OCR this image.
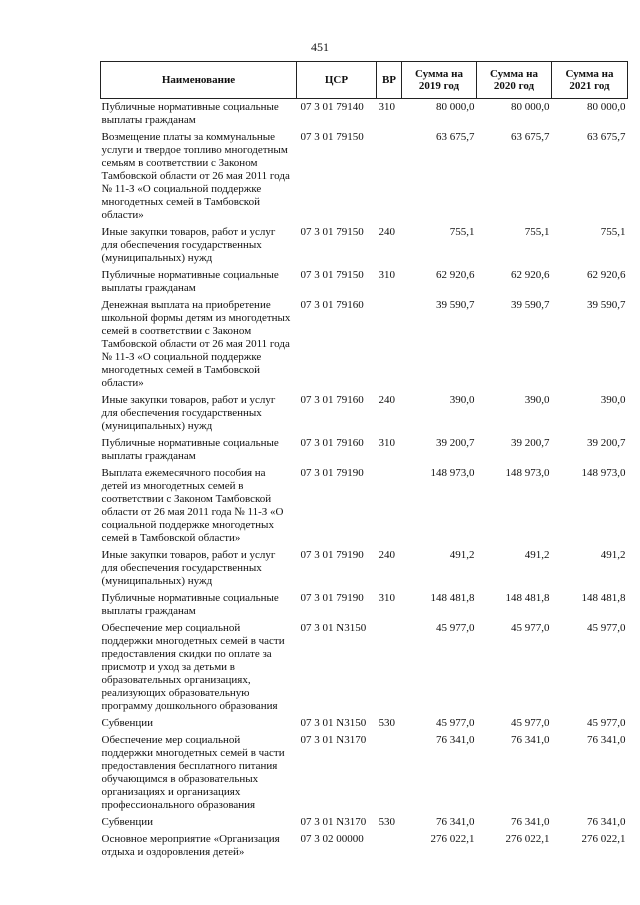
451
Наименование	ЦСР	ВР	Сумма на 2019 год	Сумма на 2020 год	Сумма на 2021 год
Публичные нормативные социальные выплаты гражданам	07 3 01 79140	310	80 000,0	80 000,0	80 000,0
Возмещение платы за коммунальные услуги и твердое топливо многодетным семьям в соответствии с Законом Тамбовской области от 26 мая 2011 года № 11-З «О социальной поддержке многодетных семей в Тамбовской области»	07 3 01 79150		63 675,7	63 675,7	63 675,7
Иные закупки товаров, работ и услуг для обеспечения государственных (муниципальных) нужд	07 3 01 79150	240	755,1	755,1	755,1
Публичные нормативные социальные выплаты гражданам	07 3 01 79150	310	62 920,6	62 920,6	62 920,6
Денежная выплата на приобретение школьной формы детям из многодетных семей в соответствии с Законом Тамбовской области от 26 мая 2011 года № 11-З «О социальной поддержке многодетных семей в Тамбовской области»	07 3 01 79160		39 590,7	39 590,7	39 590,7
Иные закупки товаров, работ и услуг для обеспечения государственных (муниципальных) нужд	07 3 01 79160	240	390,0	390,0	390,0
Публичные нормативные социальные выплаты гражданам	07 3 01 79160	310	39 200,7	39 200,7	39 200,7
Выплата ежемесячного пособия на детей из многодетных семей в соответствии с Законом Тамбовской области от 26 мая 2011 года № 11-З «О социальной поддержке многодетных семей в Тамбовской области»	07 3 01 79190		148 973,0	148 973,0	148 973,0
Иные закупки товаров, работ и услуг для обеспечения государственных (муниципальных) нужд	07 3 01 79190	240	491,2	491,2	491,2
Публичные нормативные социальные выплаты гражданам	07 3 01 79190	310	148 481,8	148 481,8	148 481,8
Обеспечение мер социальной поддержки многодетных семей в части предоставления скидки по оплате за присмотр и уход за детьми в образовательных организациях, реализующих образовательную программу дошкольного образования	07 3 01 N3150		45 977,0	45 977,0	45 977,0
Субвенции	07 3 01 N3150	530	45 977,0	45 977,0	45 977,0
Обеспечение мер социальной поддержки многодетных семей в части предоставления бесплатного питания обучающимся в образовательных организациях и организациях профессионального образования	07 3 01 N3170		76 341,0	76 341,0	76 341,0
Субвенции	07 3 01 N3170	530	76 341,0	76 341,0	76 341,0
Основное мероприятие «Организация отдыха и оздоровления детей»	07 3 02 00000		276 022,1	276 022,1	276 022,1
